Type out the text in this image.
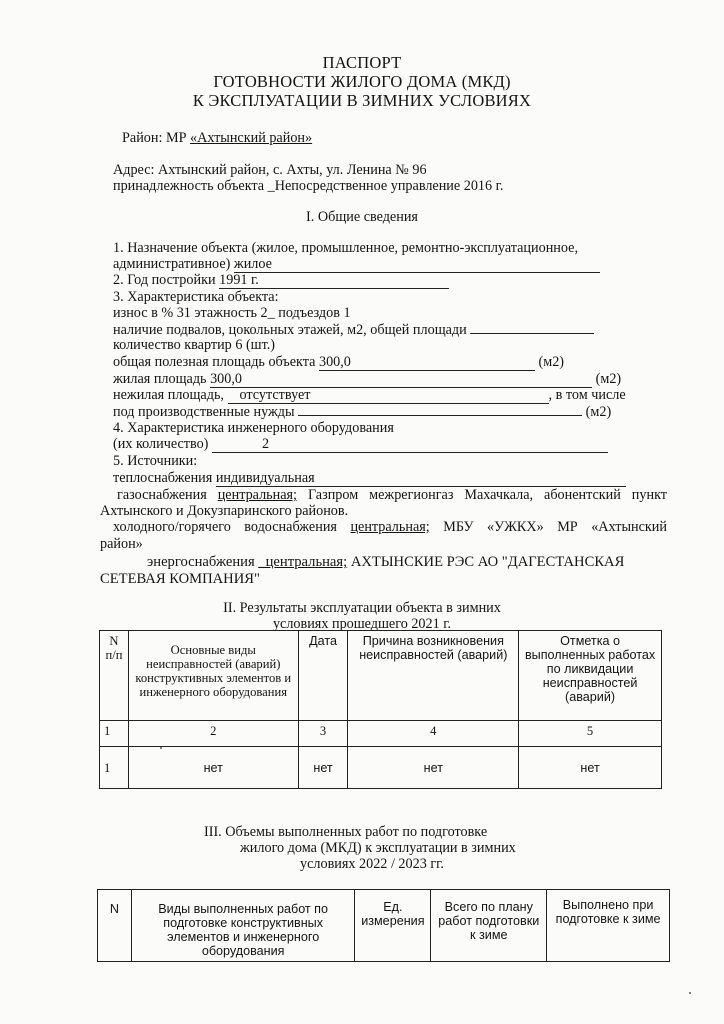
ПАСПОРТ
ГОТОВНОСТИ ЖИЛОГО ДОМА (МКД)
К ЭКСПЛУАТАЦИИ В ЗИМНИХ УСЛОВИЯХ
Район: МР «Ахтынский район»
Адрес: Ахтынский район, с. Ахты, ул. Ленина № 96
принадлежность объекта _Непосредственное управление 2016 г.
I. Общие сведения
1. Назначение объекта (жилое, промышленное, ремонтно-эксплуатационное,
административное) жилое
2. Год постройки 1991 г.
3. Характеристика объекта:
износ в % 31 этажность 2_ подъездов 1
наличие подвалов, цокольных этажей, м2, общей площади
количество квартир 6 (шт.)
общая полезная площадь объекта 300,0	(м2)
жилая площадь 300,0	(м2)
нежилая площадь, отсутствует	, в том числе
под производственные нужды	(м2)
4. Характеристика инженерного оборудования
(их количество)	2
5. Источники:
теплоснабжения индивидуальная
газоснабжения центральная; Газпром межрегионгаз Махачкала, абонентский пункт
Ахтынского и Докузпаринского районов.
холодного/горячего водоснабжения центральная; МБУ «УЖКХ» МР «Ахтынский
район»
энергоснабжения _центральная; АХТЫНСКИЕ РЭС АО "ДАГЕСТАНСКАЯ
СЕТЕВАЯ КОМПАНИЯ"
II. Результаты эксплуатации объекта в зимних
условиях прошедшего 2021 г.
N п/п	Основные виды неисправностей (аварий) конструктивных элементов и инженерного оборудования	Дата	Причина возникновения неисправностей (аварий)	Отметка о выполненных работах по ликвидации неисправностей (аварий)
1	2	3	4	5
1	нет	нет	нет	нет
III. Объемы выполненных работ по подготовке
жилого дома (МКД) к эксплуатации в зимних
условиях 2022 / 2023 гг.
N	Виды выполненных работ по подготовке конструктивных элементов и инженерного оборудования	Ед. измерения	Всего по плану работ подготовки к зиме	Выполнено при подготовке к зиме
